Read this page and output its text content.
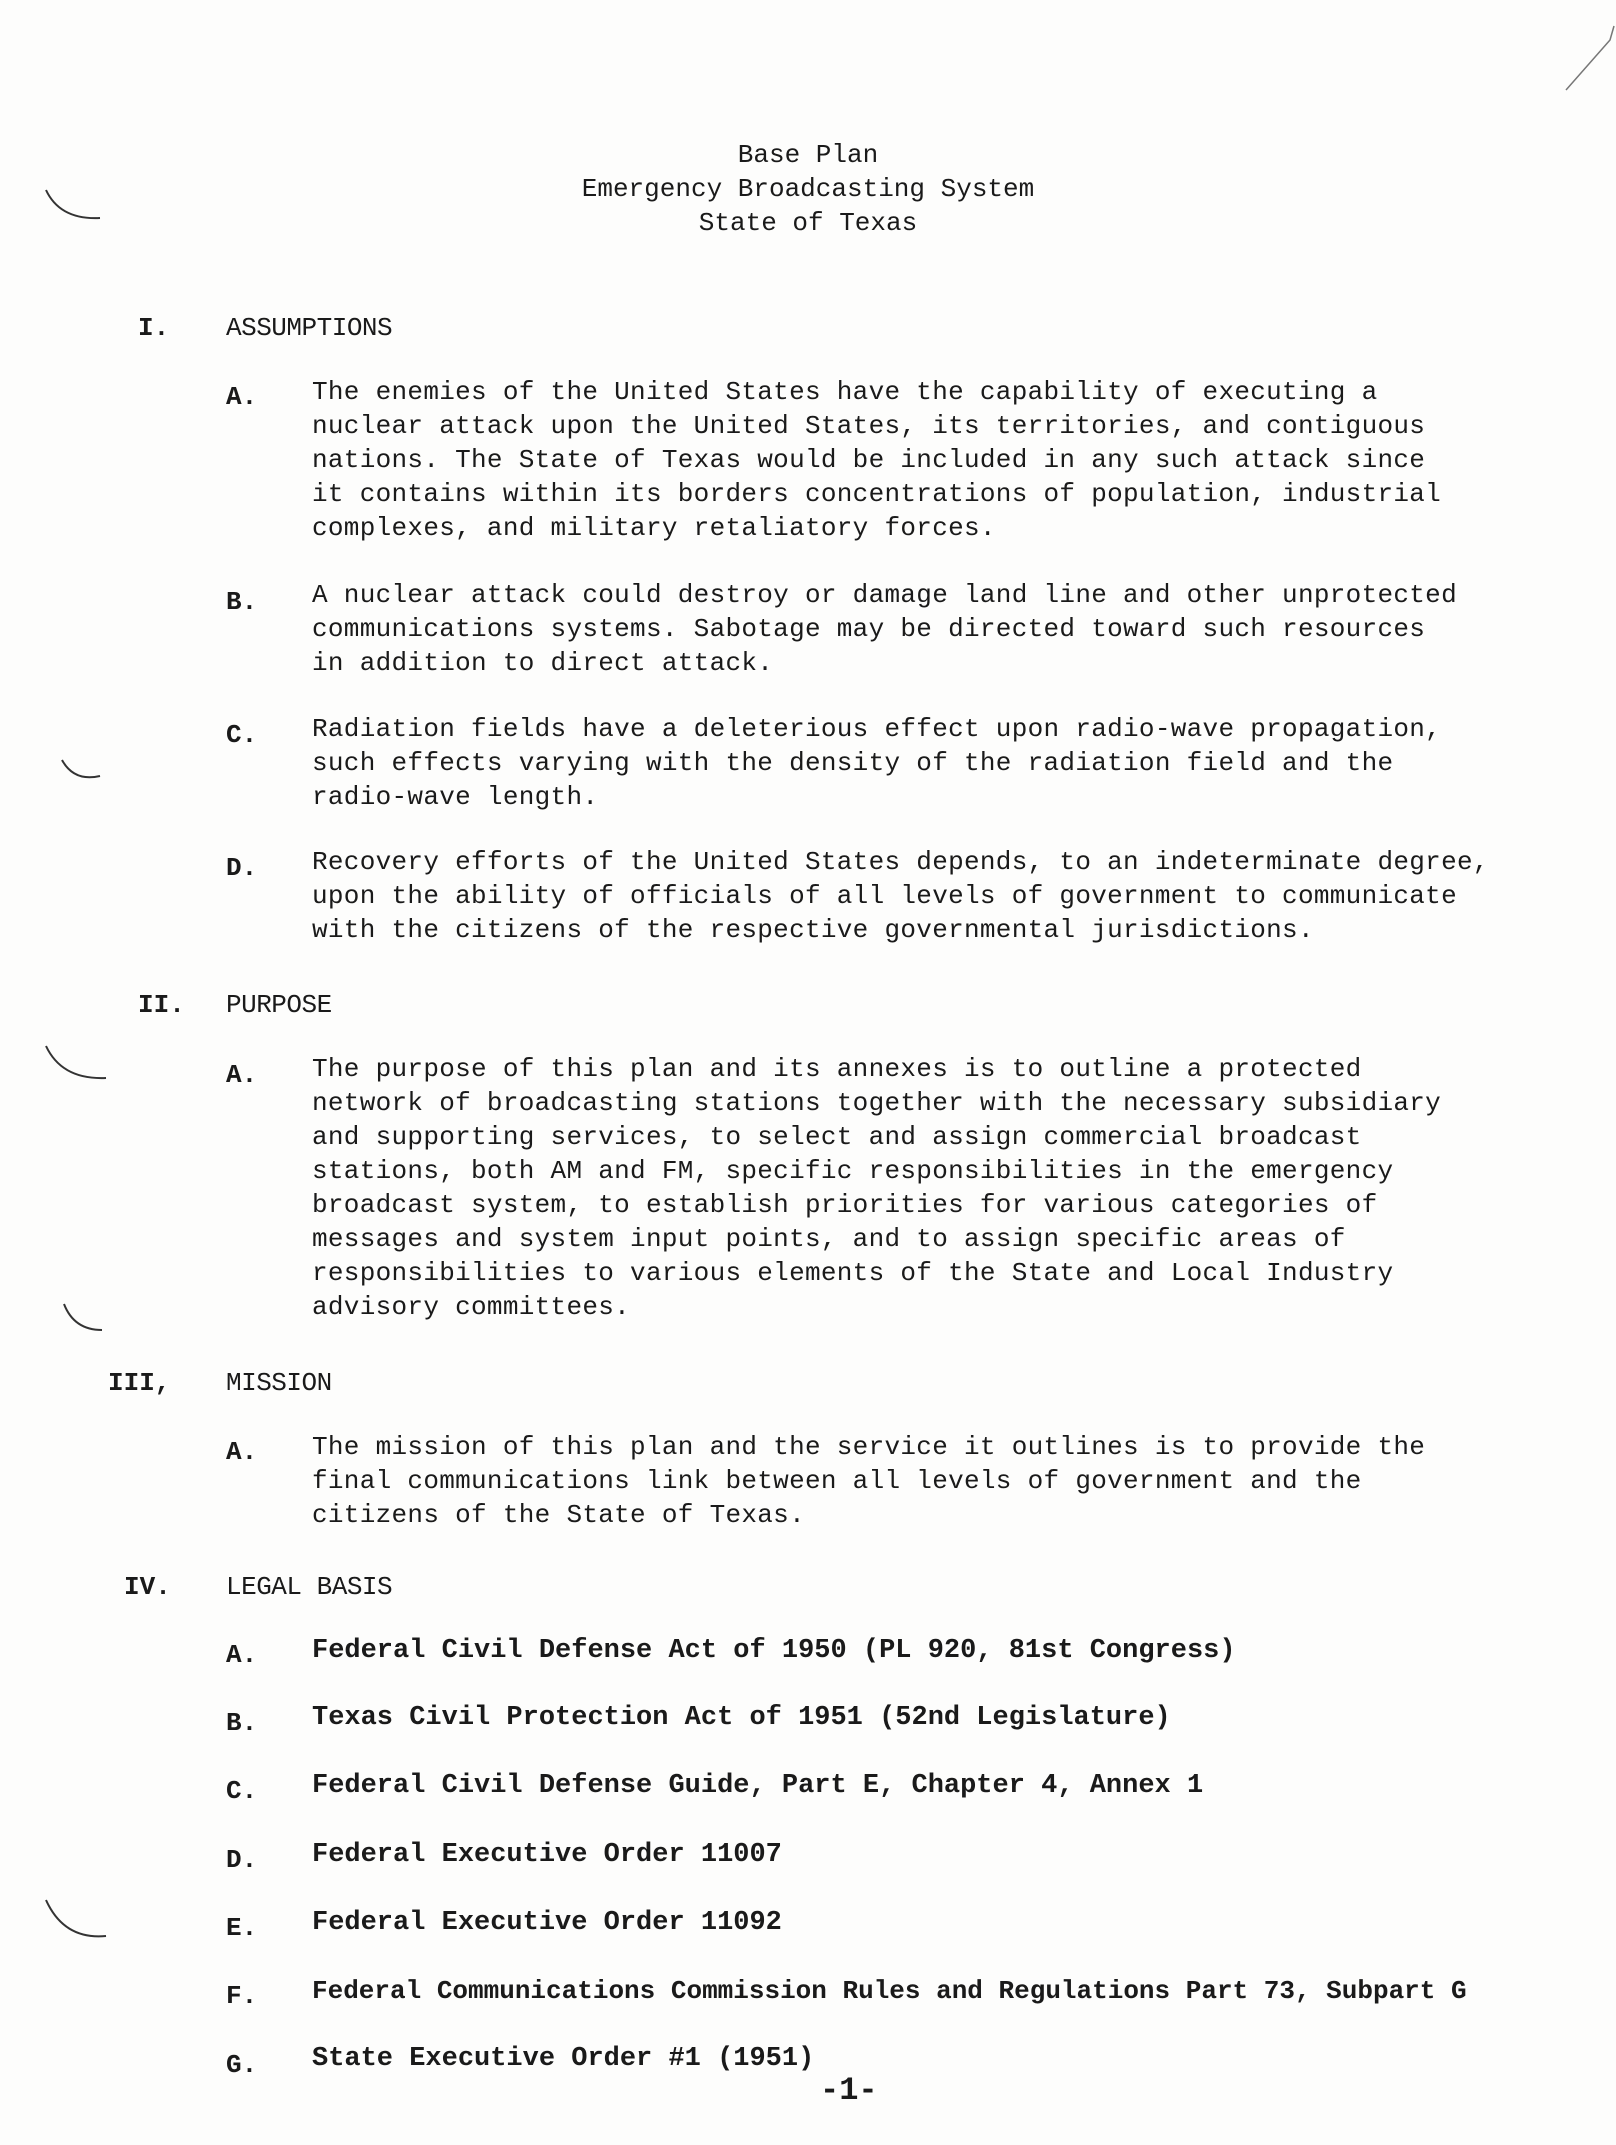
Base Plan
Emergency Broadcasting System
State of Texas
I. ASSUMPTIONS
A. The enemies of the United States have the capability of executing a
nuclear attack upon the United States, its territories, and contiguous
nations. The State of Texas would be included in any such attack since
it contains within its borders concentrations of population, industrial
complexes, and military retaliatory forces.
B. A nuclear attack could destroy or damage land line and other unprotected
communications systems. Sabotage may be directed toward such resources
in addition to direct attack.
C. Radiation fields have a deleterious effect upon radio-wave propagation,
such effects varying with the density of the radiation field and the
radio-wave length.
D. Recovery efforts of the United States depends, to an indeterminate degree,
upon the ability of officials of all levels of government to communicate
with the citizens of the respective governmental jurisdictions.
II. PURPOSE
A. The purpose of this plan and its annexes is to outline a protected
network of broadcasting stations together with the necessary subsidiary
and supporting services, to select and assign commercial broadcast
stations, both AM and FM, specific responsibilities in the emergency
broadcast system, to establish priorities for various categories of
messages and system input points, and to assign specific areas of
responsibilities to various elements of the State and Local Industry
advisory committees.
III, MISSION
A. The mission of this plan and the service it outlines is to provide the
final communications link between all levels of government and the
citizens of the State of Texas.
IV. LEGAL BASIS
A. Federal Civil Defense Act of 1950 (PL 920, 81st Congress)
B. Texas Civil Protection Act of 1951 (52nd Legislature)
C. Federal Civil Defense Guide, Part E, Chapter 4, Annex 1
D. Federal Executive Order 11007
E. Federal Executive Order 11092
F. Federal Communications Commission Rules and Regulations Part 73, Subpart G
G. State Executive Order #1 (1951)
-1-
